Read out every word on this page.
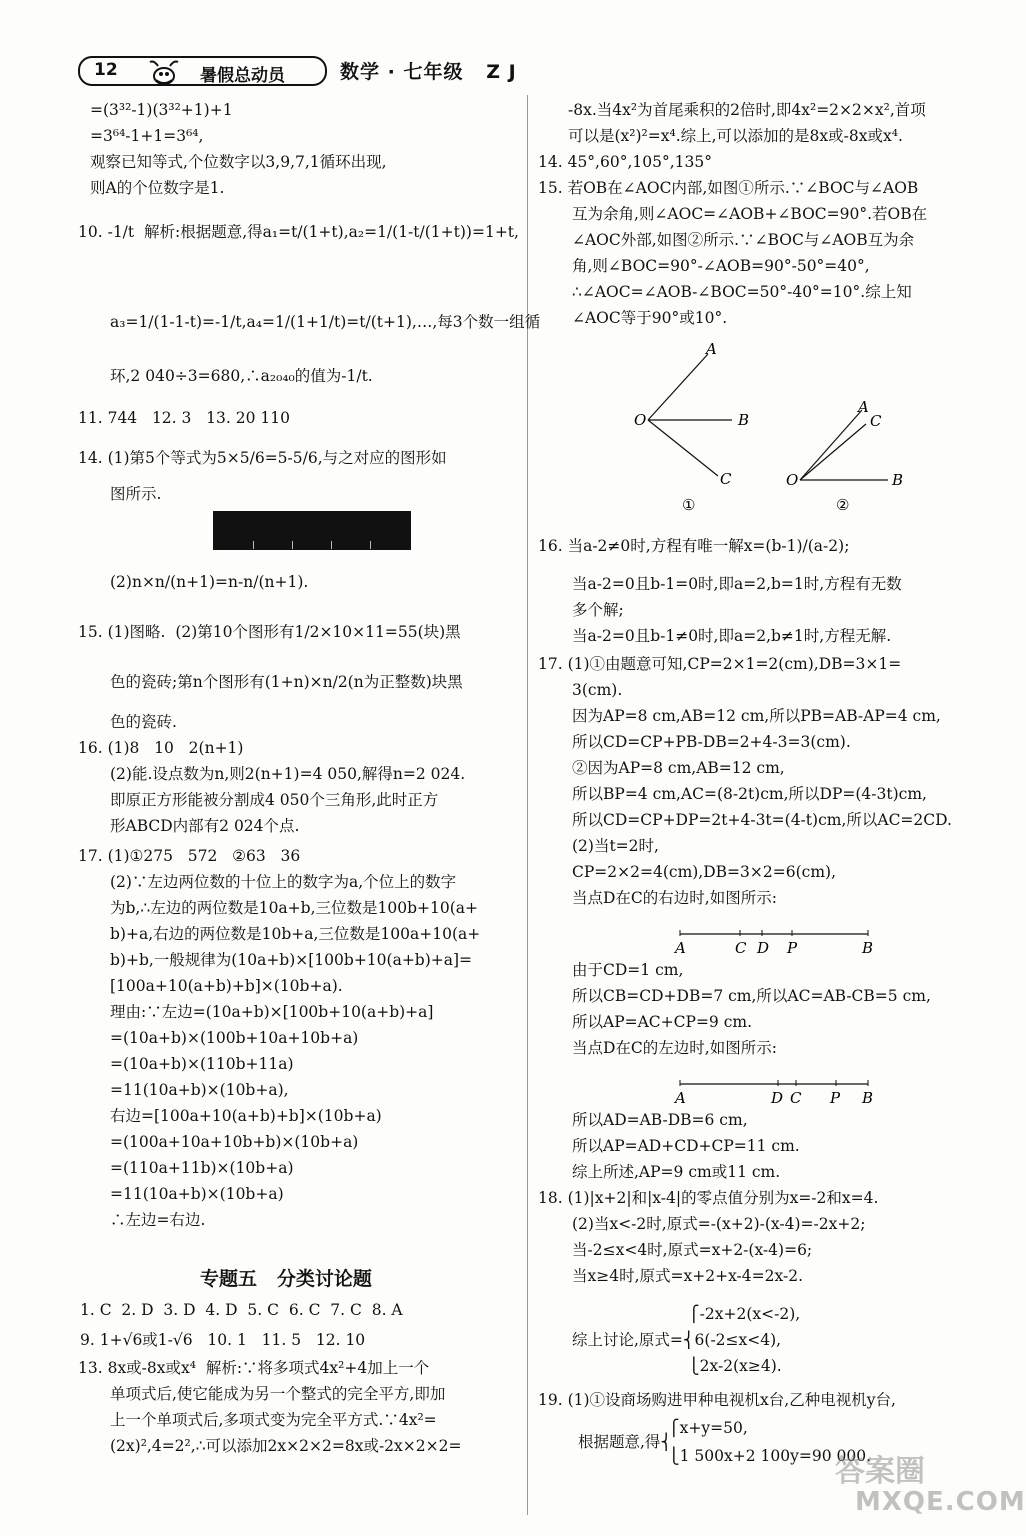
12	暑假总动员	数学 · 七年级   Z J
=(3³²-1)(3³²+1)+1
=3⁶⁴-1+1=3⁶⁴,
观察已知等式,个位数字以3,9,7,1循环出现,
则A的个位数字是1.
10. -1/t  解析:根据题意,得a₁=t/(1+t),a₂=1/(1-t/(1+t))=1+t,
a₃=1/(1-1-t)=-1/t,a₄=1/(1+1/t)=t/(t+1),…,每3个数一组循
环,2 040÷3=680,∴a₂₀₄₀的值为-1/t.
11. 744   12. 3   13. 20 110
14. (1)第5个等式为5×5/6=5-5/6,与之对应的图形如
图所示.
(2)n×n/(n+1)=n-n/(n+1).
15. (1)图略.  (2)第10个图形有1/2×10×11=55(块)黑
色的瓷砖;第n个图形有(1+n)×n/2(n为正整数)块黑
色的瓷砖.
16. (1)8   10   2(n+1)
(2)能.设点数为n,则2(n+1)=4 050,解得n=2 024.
即原正方形能被分割成4 050个三角形,此时正方
形ABCD内部有2 024个点.
17. (1)①275   572   ②63   36
(2)∵左边两位数的十位上的数字为a,个位上的数字
为b,∴左边的两位数是10a+b,三位数是100b+10(a+
b)+a,右边的两位数是10b+a,三位数是100a+10(a+
b)+b,一般规律为(10a+b)×[100b+10(a+b)+a]=
[100a+10(a+b)+b]×(10b+a).
理由:∵左边=(10a+b)×[100b+10(a+b)+a]
=(10a+b)×(100b+10a+10b+a)
=(10a+b)×(110b+11a)
=11(10a+b)×(10b+a),
右边=[100a+10(a+b)+b]×(10b+a)
=(100a+10a+10b+b)×(10b+a)
=(110a+11b)×(10b+a)
=11(10a+b)×(10b+a)
∴左边=右边.
1. C  2. D  3. D  4. D  5. C  6. C  7. C  8. A
9. 1+√6或1-√6   10. 1   11. 5   12. 10
13. 8x或-8x或x⁴  解析:∵将多项式4x²+4加上一个
单项式后,使它能成为另一个整式的完全平方,即加
上一个单项式后,多项式变为完全平方式.∵4x²=
(2x)²,4=2²,∴可以添加2x×2×2=8x或-2x×2×2=
专题五   分类讨论题
-8x.当4x²为首尾乘积的2倍时,即4x²=2×2×x²,首项
可以是(x²)²=x⁴.综上,可以添加的是8x或-8x或x⁴.
14. 45°,60°,105°,135°
15. 若OB在∠AOC内部,如图①所示.∵∠BOC与∠AOB
互为余角,则∠AOC=∠AOB+∠BOC=90°.若OB在
∠AOC外部,如图②所示.∵∠BOC与∠AOB互为余
角,则∠BOC=90°-∠AOB=90°-50°=40°,
∴∠AOC=∠AOB-∠BOC=50°-40°=10°.综上知
∠AOC等于90°或10°.
16. 当a-2≠0时,方程有唯一解x=(b-1)/(a-2);
当a-2=0且b-1=0时,即a=2,b=1时,方程有无数
多个解;
当a-2=0且b-1≠0时,即a=2,b≠1时,方程无解.
17. (1)①由题意可知,CP=2×1=2(cm),DB=3×1=
3(cm).
因为AP=8 cm,AB=12 cm,所以PB=AB-AP=4 cm,
所以CD=CP+PB-DB=2+4-3=3(cm).
②因为AP=8 cm,AB=12 cm,
所以BP=4 cm,AC=(8-2t)cm,所以DP=(4-3t)cm,
所以CD=CP+DP=2t+4-3t=(4-t)cm,所以AC=2CD.
(2)当t=2时,
CP=2×2=4(cm),DB=3×2=6(cm),
当点D在C的右边时,如图所示:
由于CD=1 cm,
所以CB=CD+DB=7 cm,所以AC=AB-CB=5 cm,
所以AP=AC+CP=9 cm.
当点D在C的左边时,如图所示:
所以AD=AB-DB=6 cm,
所以AP=AD+CD+CP=11 cm.
综上所述,AP=9 cm或11 cm.
18. (1)|x+2|和|x-4|的零点值分别为x=-2和x=4.
(2)当x<-2时,原式=-(x+2)-(x-4)=-2x+2;
当-2≤x<4时,原式=x+2-(x-4)=6;
当x≥4时,原式=x+2+x-4=2x-2.
⎧-2x+2(x<-2),
综上讨论,原式=⎨6(-2≤x<4),
⎩2x-2(x≥4).
19. (1)①设商场购进甲种电视机x台,乙种电视机y台,
⎧x+y=50,
根据题意,得⎨
⎩1 500x+2 100y=90 000.
A
O	B
C
①
A
C
O	B
②
A	C D P	B
A	D C P B
答案圈
MXQE.COM
